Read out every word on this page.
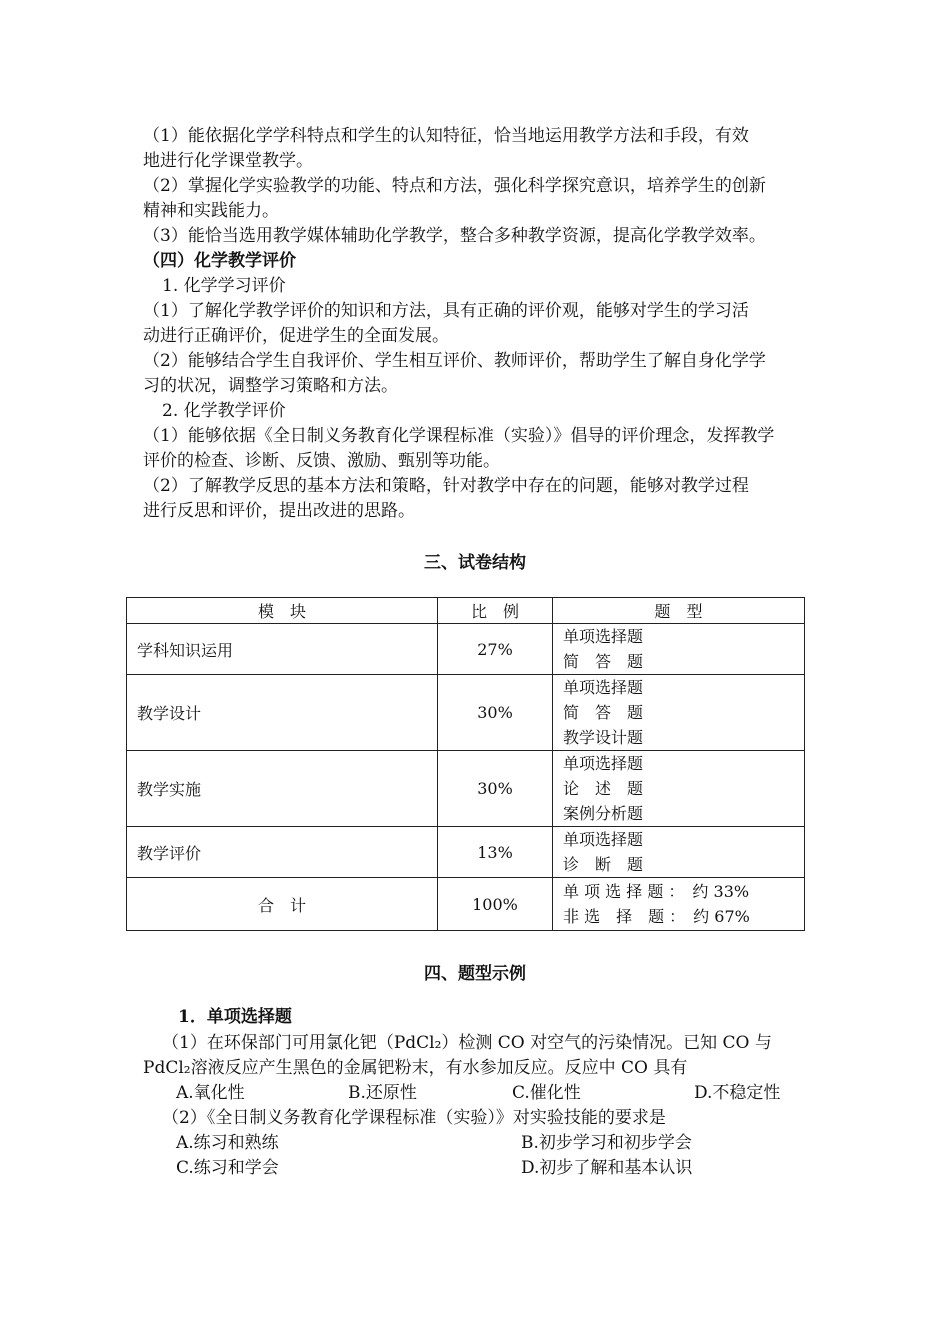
（1）能依据化学学科特点和学生的认知特征，恰当地运用教学方法和手段，有效
地进行化学课堂教学。
（2）掌握化学实验教学的功能、特点和方法，强化科学探究意识，培养学生的创新
精神和实践能力。
（3）能恰当选用教学媒体辅助化学教学，整合多种教学资源，提高化学教学效率。
（四）化学教学评价
1. 化学学习评价
（1）了解化学教学评价的知识和方法，具有正确的评价观，能够对学生的学习活
动进行正确评价，促进学生的全面发展。
（2）能够结合学生自我评价、学生相互评价、教师评价，帮助学生了解自身化学学
习的状况，调整学习策略和方法。
2. 化学教学评价
（1）能够依据《全日制义务教育化学课程标准（实验）》倡导的评价理念，发挥教学
评价的检查、诊断、反馈、激励、甄别等功能。
（2）了解教学反思的基本方法和策略，针对教学中存在的问题，能够对教学过程
进行反思和评价，提出改进的思路。
三、试卷结构
模　块	比　例	题　型
学科知识运用	27%	单项选择题
简　答　题
教学设计	30%	单项选择题
简　答　题
教学设计题
教学实施	30%	单项选择题
论　述　题
案例分析题
教学评价	13%	单项选择题
诊　断　题
合　计	100%	单 项 选 择 题 ：　约 33%
非 选　择　题 ：　约 67%
四、题型示例
1．单项选择题
（1）在环保部门可用氯化钯（PdCl₂）检测 CO 对空气的污染情况。已知 CO 与
PdCl₂溶液反应产生黑色的金属钯粉末，有水参加反应。反应中 CO 具有
A.氧化性	B.还原性	C.催化性	D.不稳定性
（2）《全日制义务教育化学课程标准（实验）》对实验技能的要求是
A.练习和熟练	B.初步学习和初步学会
C.练习和学会	D.初步了解和基本认识
